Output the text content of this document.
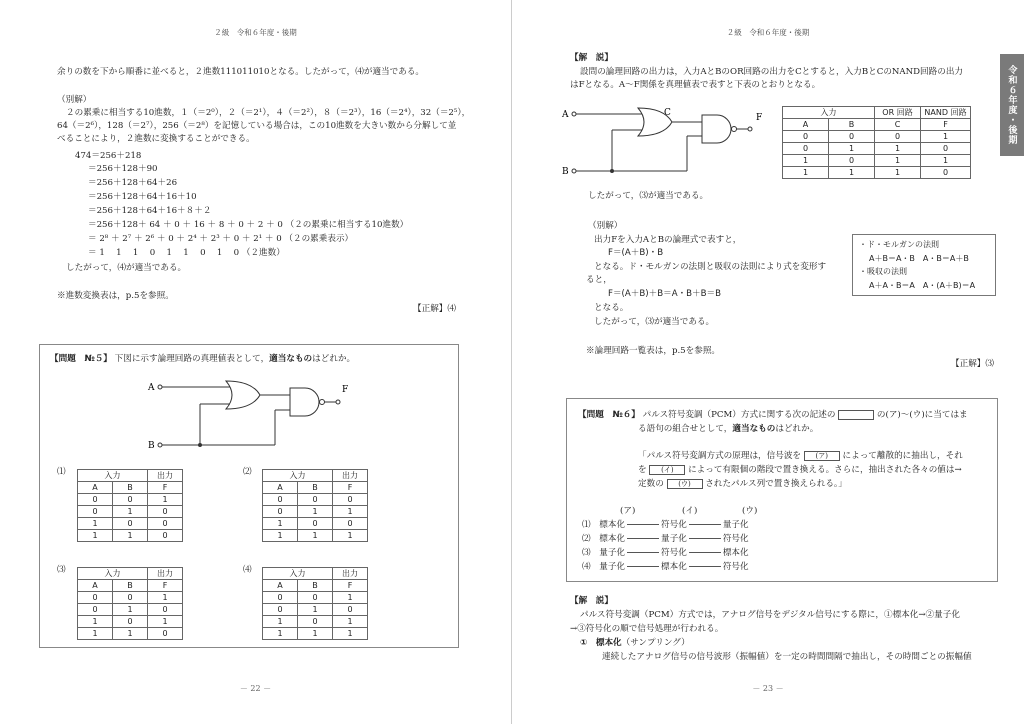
２級　令和６年度・後期
余りの数を下から順番に並べると，２進数111011010となる。したがって，⑷が適当である。
（別解）
２の累乗に相当する10進数，１（＝2⁰），２（＝2¹），４（＝2²），８（＝2³），16（＝2⁴），32（＝2⁵），
64（＝2⁶），128（＝2⁷），256（＝2⁸）を記憶している場合は，この10進数を大きい数から分解して並
べることにより，２進数に変換することができる。
474＝256＋218
＝256＋128＋90
＝256＋128＋64＋26
＝256＋128＋64＋16＋10
＝256＋128＋64＋16＋８＋２
＝256＋128＋ 64 ＋ 0 ＋ 16 ＋ 8 ＋ 0 ＋ 2 ＋ 0 （２の累乗に相当する10進数）
＝ 2⁸ ＋ 2⁷ ＋ 2⁶ ＋ 0 ＋ 2⁴ ＋ 2³ ＋ 0 ＋ 2¹ ＋ 0 （２の累乗表示）
＝ 1　 1　 1　 0　 1　 1　 0　 1　 0 （２進数）
したがって，⑷が適当である。
※進数変換表は，p.5を参照。
【正解】⑷
【問題　№５】 下図に示す論理回路の真理値表として，適当なものはどれか。
A
B
F
⑴	入力		出力
A	B	F
0	0	1
0	1	0
1	0	0
1	1	0
⑵	入力		出力
A	B	F
0	0	0
0	1	1
1	0	0
1	1	1
⑶	入力		出力
A	B	F
0	0	1
0	1	0
1	0	1
1	1	0
⑷	入力		出力
A	B	F
0	0	1
0	1	0
1	0	1
1	1	1
－ 22 －
２級　令和６年度・後期
令和６年度・後期
【解　説】
設問の論理回路の出力は，入力AとBのOR回路の出力をCとすると，入力BとCのNAND回路の出力
はFとなる。A～F関係を真理値表で表すと下表のとおりとなる。
A
B
C	F
入力		OR 回路	NAND 回路
A	B	C	F
0	0	0	1
0	1	1	0
1	0	1	1
1	1	1	0
したがって，⑶が適当である。
（別解）
出力Fを入力AとBの論理式で表すと，
F＝(A＋B)・B
となる。ド・モルガンの法則と吸収の法則により式を変形す
ると，
F＝(A＋B)＋B＝A・B＋B＝B
となる。
したがって，⑶が適当である。
・ド・モルガンの法則
A＋B＝A・B　A・B＝A＋B
・吸収の法則
A＋A・B＝A　A・(A＋B)＝A
※論理回路一覧表は，p.5を参照。
【正解】⑶
【問題　№６】 パルス符号変調（PCM）方式に関する次の記述の	の(ア)～(ウ)に当てはま
る語句の組合せとして，適当なものはどれか。
「パルス符号変調方式の原理は，信号波を (ア) によって離散的に抽出し，それ
を (イ) によって有限個の階段で置き換える。さらに，抽出された各々の値は→
定数の (ウ) されたパルス列で置き換えられる。」
(ア)	(イ)	(ウ)
⑴　 標本化	符号化	量子化
⑵　 標本化	量子化	符号化
⑶　 量子化	符号化	標本化
⑷　 量子化	標本化	符号化
【解　説】
パルス符号変調（PCM）方式では，アナログ信号をデジタル信号にする際に，①標本化→②量子化
→③符号化の順で信号処理が行われる。
①　標本化（サンプリング）
連続したアナログ信号の信号波形（振幅値）を一定の時間間隔で抽出し，その時間ごとの振幅値
－ 23 －
